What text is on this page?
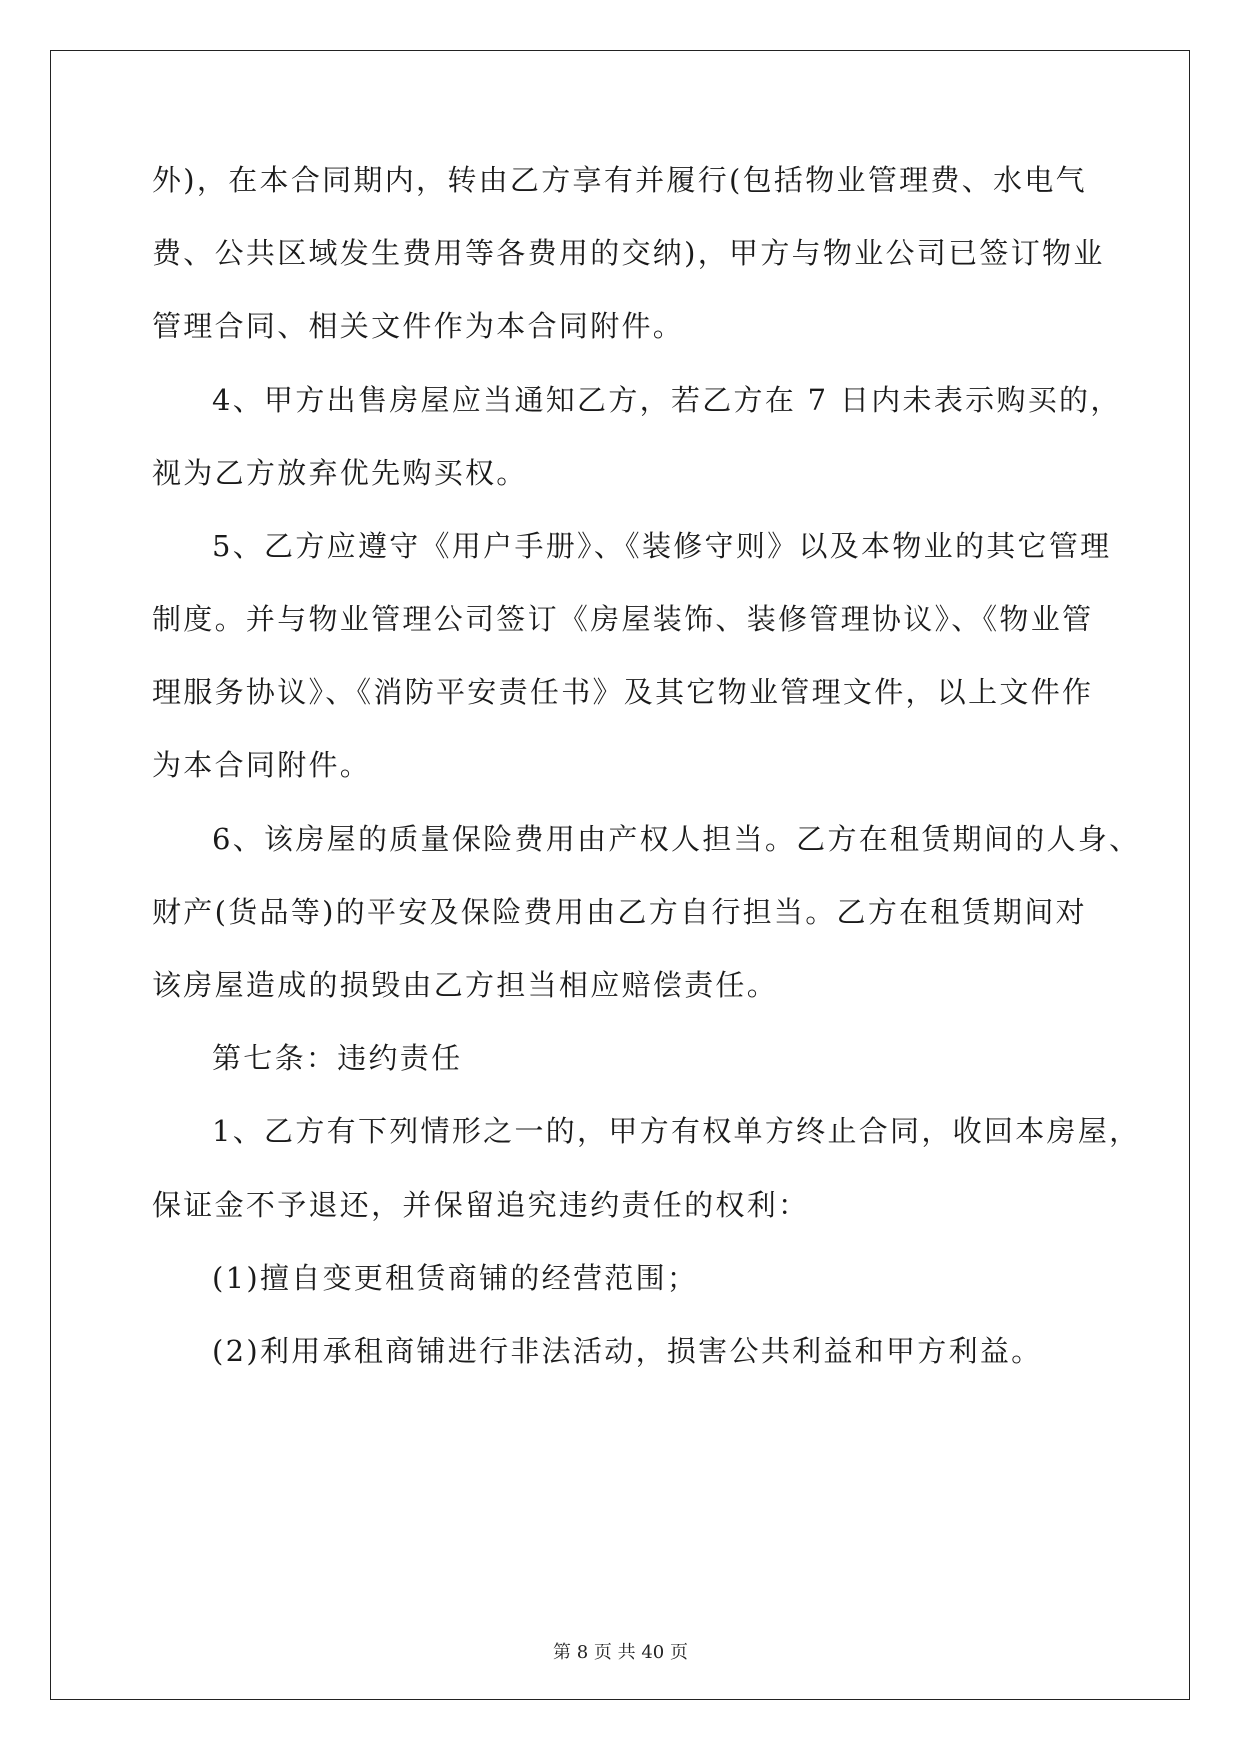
外)，在本合同期内，转由乙方享有并履行(包括物业管理费、水电气
费、公共区域发生费用等各费用的交纳)，甲方与物业公司已签订物业
管理合同、相关文件作为本合同附件。
4、甲方出售房屋应当通知乙方，若乙方在 7 日内未表示购买的，
视为乙方放弃优先购买权。
5、乙方应遵守《用户手册》、《装修守则》以及本物业的其它管理
制度。并与物业管理公司签订《房屋装饰、装修管理协议》、《物业管
理服务协议》、《消防平安责任书》及其它物业管理文件，以上文件作
为本合同附件。
6、该房屋的质量保险费用由产权人担当。乙方在租赁期间的人身、
财产(货品等)的平安及保险费用由乙方自行担当。乙方在租赁期间对
该房屋造成的损毁由乙方担当相应赔偿责任。
第七条：违约责任
1、乙方有下列情形之一的，甲方有权单方终止合同，收回本房屋，
保证金不予退还，并保留追究违约责任的权利：
(1)擅自变更租赁商铺的经营范围；
(2)利用承租商铺进行非法活动，损害公共利益和甲方利益。
第 8 页 共 40 页
